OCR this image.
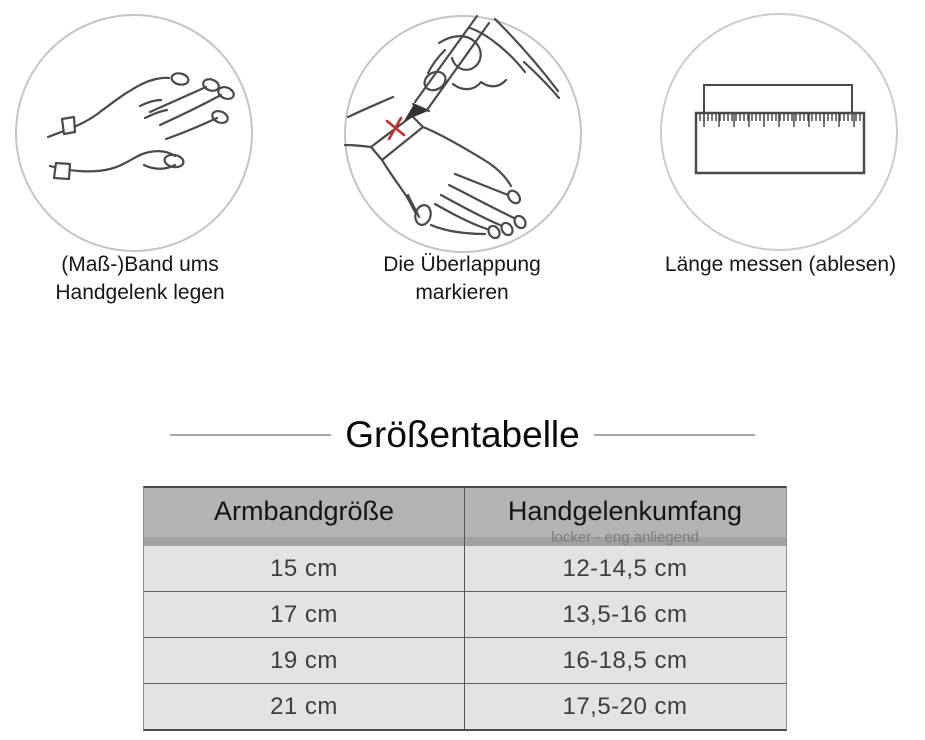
(Maß-)Band ums
Handgelenk legen
Die Überlappung
markieren
Länge messen (ablesen)
Größentabelle
Armbandgröße	Handgelenkumfang
locker - eng anliegend
15 cm	12-14,5 cm
17 cm	13,5-16 cm
19 cm	16-18,5 cm
21 cm	17,5-20 cm
